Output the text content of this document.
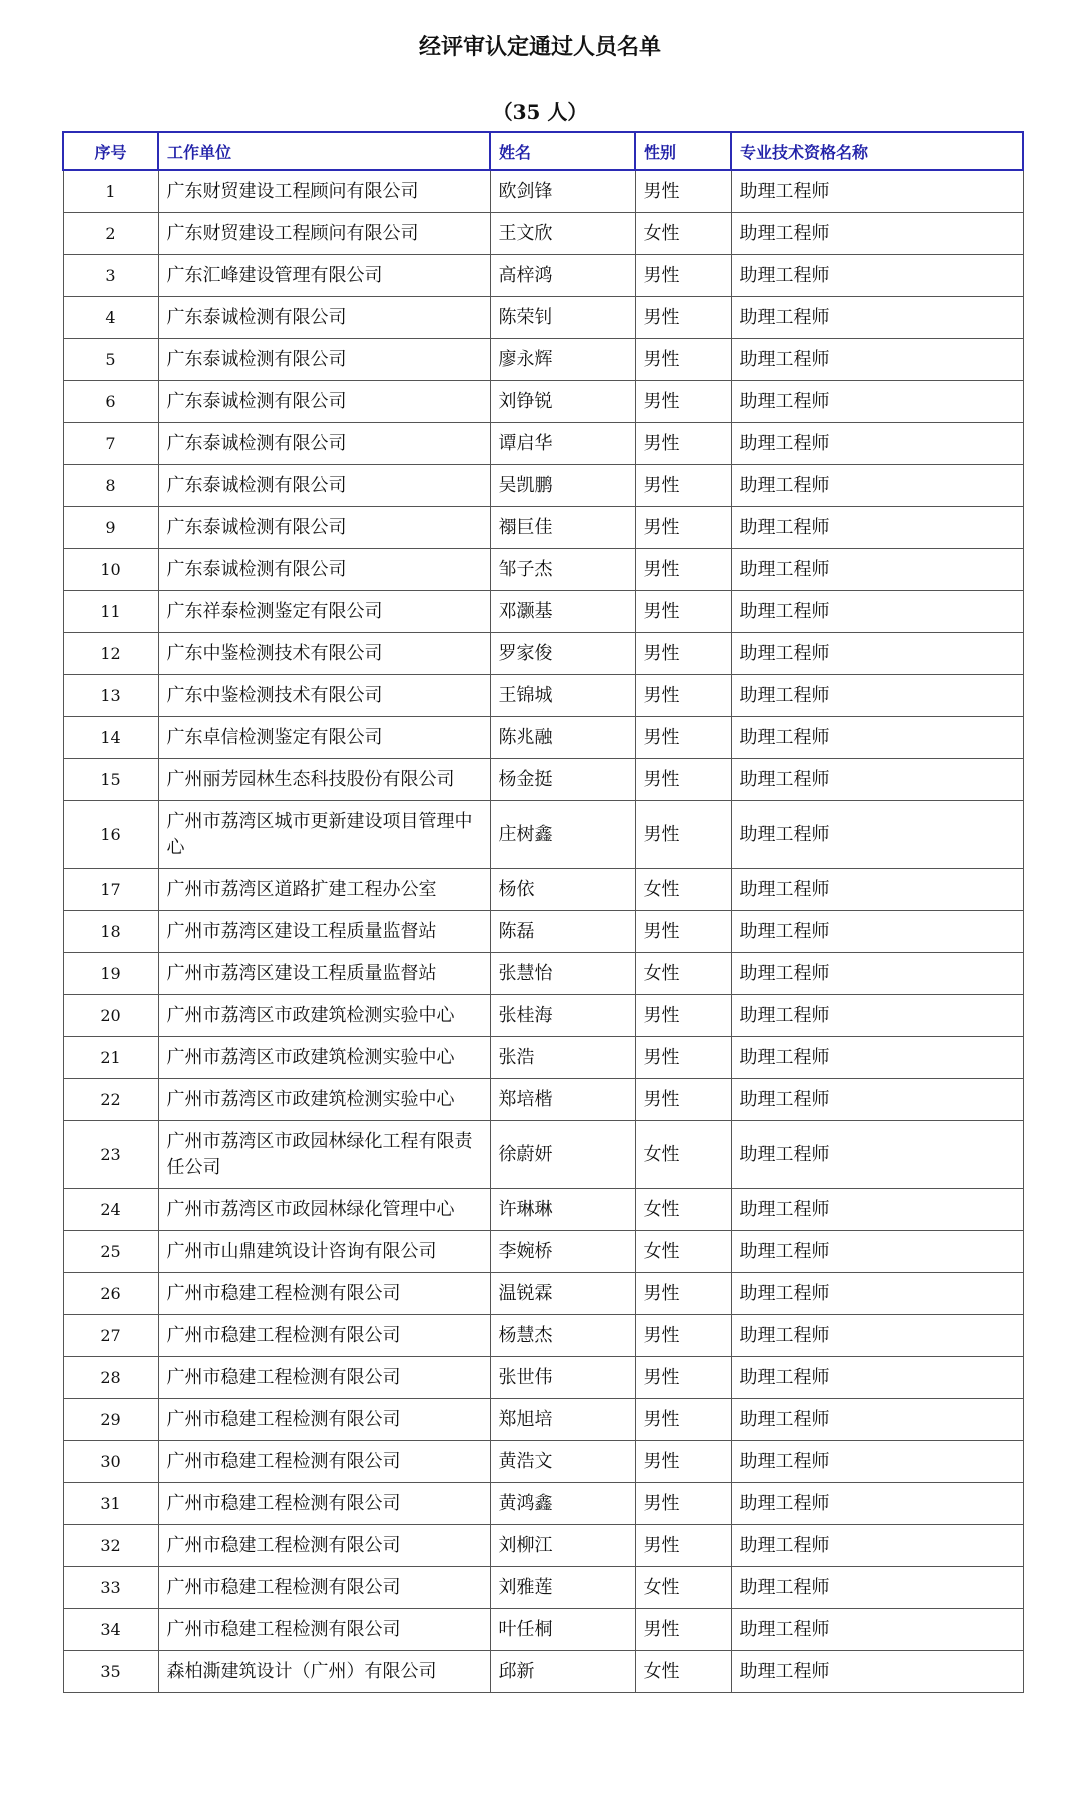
经评审认定通过人员名单
（35 人）
序号	工作单位	姓名	性别	专业技术资格名称
1	广东财贸建设工程顾问有限公司	欧剑锋	男性	助理工程师
2	广东财贸建设工程顾问有限公司	王文欣	女性	助理工程师
3	广东汇峰建设管理有限公司	高梓鸿	男性	助理工程师
4	广东泰诚检测有限公司	陈荣钊	男性	助理工程师
5	广东泰诚检测有限公司	廖永辉	男性	助理工程师
6	广东泰诚检测有限公司	刘铮锐	男性	助理工程师
7	广东泰诚检测有限公司	谭启华	男性	助理工程师
8	广东泰诚检测有限公司	吴凯鹏	男性	助理工程师
9	广东泰诚检测有限公司	禤巨佳	男性	助理工程师
10	广东泰诚检测有限公司	邹子杰	男性	助理工程师
11	广东祥泰检测鉴定有限公司	邓灏基	男性	助理工程师
12	广东中鉴检测技术有限公司	罗家俊	男性	助理工程师
13	广东中鉴检测技术有限公司	王锦城	男性	助理工程师
14	广东卓信检测鉴定有限公司	陈兆融	男性	助理工程师
15	广州丽芳园林生态科技股份有限公司	杨金挺	男性	助理工程师
16	广州市荔湾区城市更新建设项目管理中心	庄树鑫	男性	助理工程师
17	广州市荔湾区道路扩建工程办公室	杨依	女性	助理工程师
18	广州市荔湾区建设工程质量监督站	陈磊	男性	助理工程师
19	广州市荔湾区建设工程质量监督站	张慧怡	女性	助理工程师
20	广州市荔湾区市政建筑检测实验中心	张桂海	男性	助理工程师
21	广州市荔湾区市政建筑检测实验中心	张浩	男性	助理工程师
22	广州市荔湾区市政建筑检测实验中心	郑培楷	男性	助理工程师
23	广州市荔湾区市政园林绿化工程有限责任公司	徐蔚妍	女性	助理工程师
24	广州市荔湾区市政园林绿化管理中心	许琳琳	女性	助理工程师
25	广州市山鼎建筑设计咨询有限公司	李婉桥	女性	助理工程师
26	广州市稳建工程检测有限公司	温锐霖	男性	助理工程师
27	广州市稳建工程检测有限公司	杨慧杰	男性	助理工程师
28	广州市稳建工程检测有限公司	张世伟	男性	助理工程师
29	广州市稳建工程检测有限公司	郑旭培	男性	助理工程师
30	广州市稳建工程检测有限公司	黄浩文	男性	助理工程师
31	广州市稳建工程检测有限公司	黄鸿鑫	男性	助理工程师
32	广州市稳建工程检测有限公司	刘柳江	男性	助理工程师
33	广州市稳建工程检测有限公司	刘雅莲	女性	助理工程师
34	广州市稳建工程检测有限公司	叶任桐	男性	助理工程师
35	森柏澌建筑设计（广州）有限公司	邱新	女性	助理工程师
